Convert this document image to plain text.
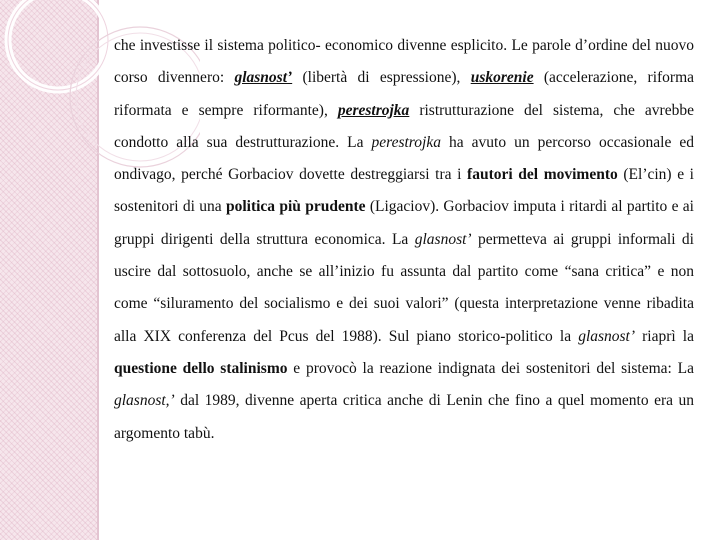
che investisse il sistema politico- economico divenne esplicito. Le parole d’ordine del nuovo corso divennero: glasnost’ (libertà di espressione), uskorenie (accelerazione, riforma riformata e sempre riformante), perestrojka ristrutturazione del sistema, che avrebbe condotto alla sua destrutturazione. La perestrojka ha avuto un percorso occasionale ed ondivago, perché Gorbaciov dovette destreggiarsi tra i fautori del movimento (El’cin) e i sostenitori di una politica più prudente (Ligaciov). Gorbaciov imputa i ritardi al partito e ai gruppi dirigenti della struttura economica. La glasnost’ permetteva ai gruppi informali di uscire dal sottosuolo, anche se all’inizio fu assunta dal partito come “sana critica” e non come “siluramento del socialismo e dei suoi valori” (questa interpretazione venne ribadita alla XIX conferenza del Pcus del 1988). Sul piano storico-politico la glasnost’ riaprì la questione dello stalinismo e provocò la reazione indignata dei sostenitori del sistema: La glasnost,’ dal 1989, divenne aperta critica anche di Lenin che fino a quel momento era un argomento tabù.
